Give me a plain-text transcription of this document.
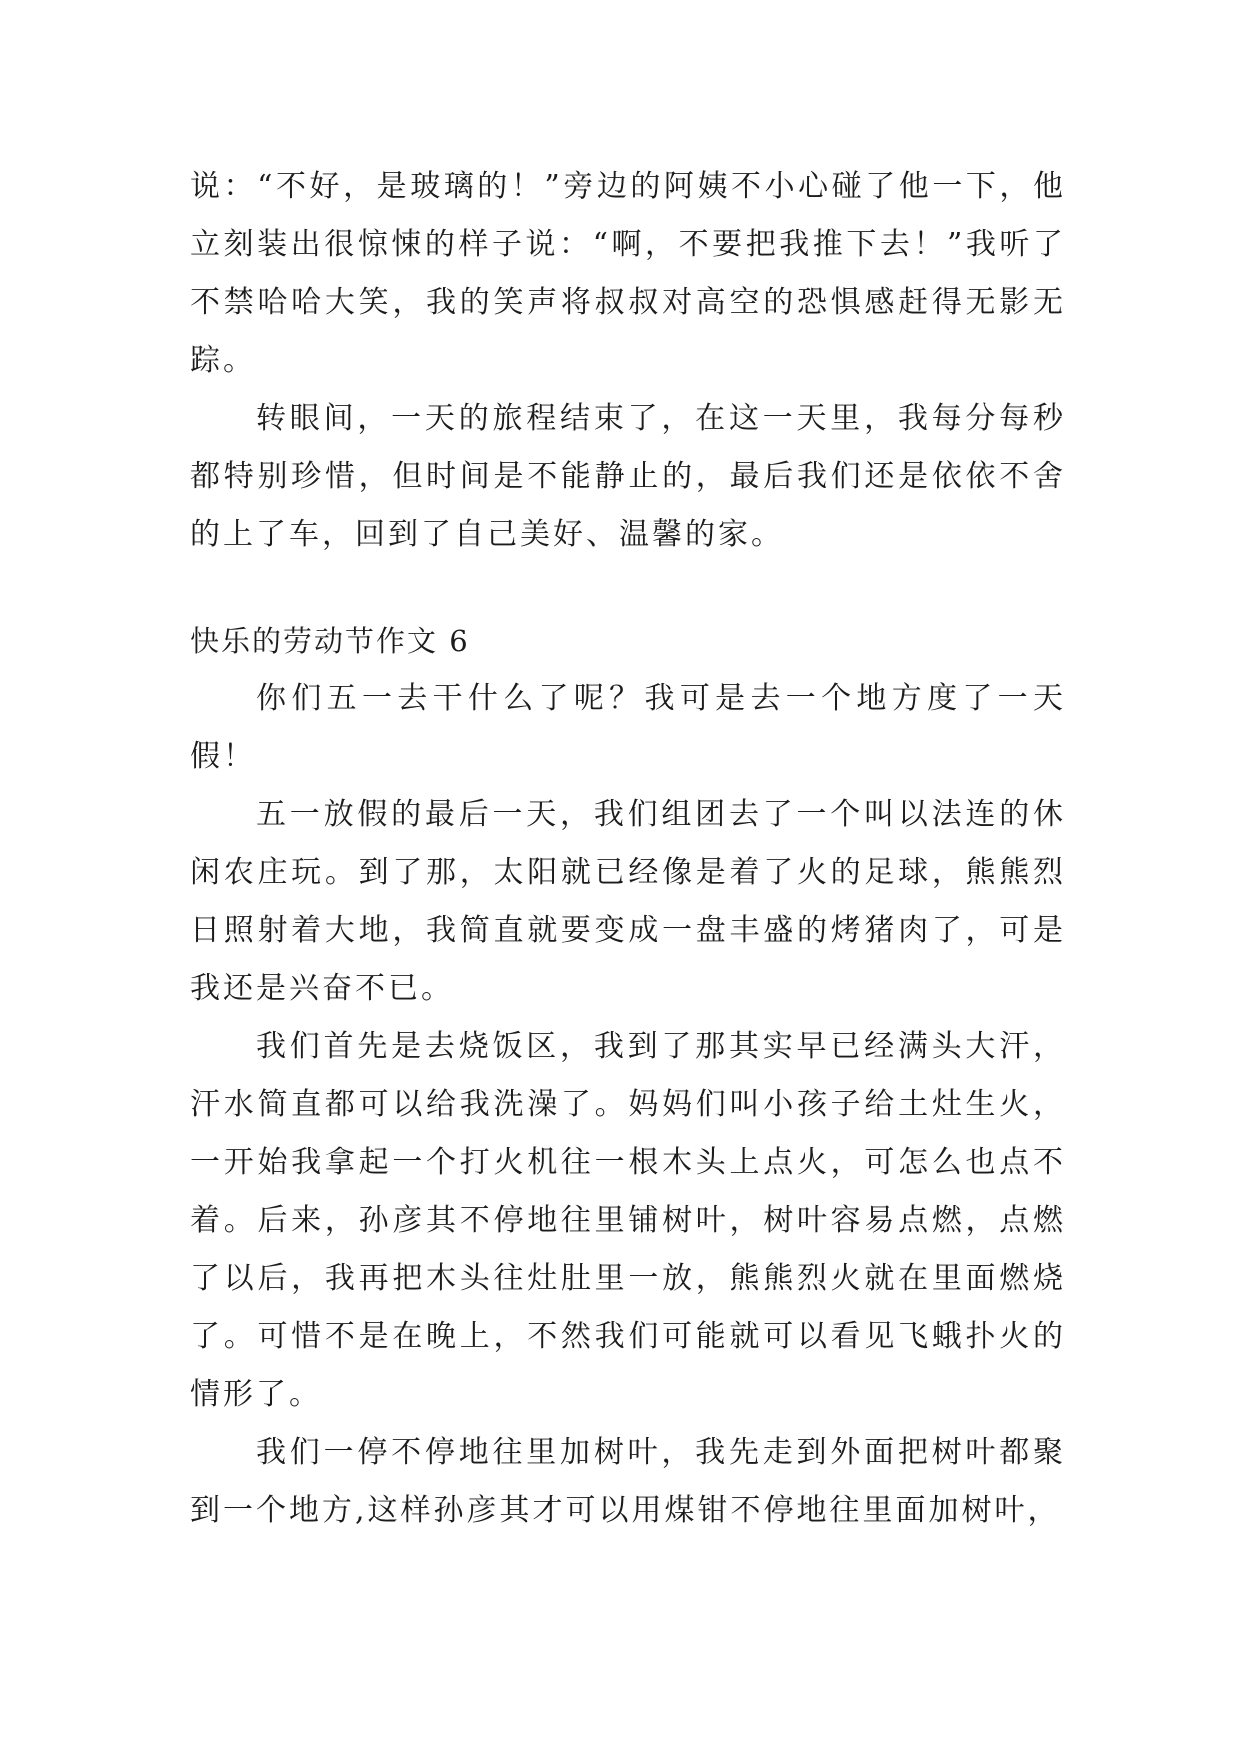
说：“不好，是玻璃的！”旁边的阿姨不小心碰了他一下，他立刻装出很惊悚的样子说：“啊，不要把我推下去！”我听了不禁哈哈大笑，我的笑声将叔叔对高空的恐惧感赶得无影无踪。

转眼间，一天的旅程结束了，在这一天里，我每分每秒都特别珍惜，但时间是不能静止的，最后我们还是依依不舍的上了车，回到了自己美好、温馨的家。

快乐的劳动节作文 6

你们五一去干什么了呢？我可是去一个地方度了一天假！

五一放假的最后一天，我们组团去了一个叫以法连的休闲农庄玩。到了那，太阳就已经像是着了火的足球，熊熊烈日照射着大地，我简直就要变成一盘丰盛的烤猪肉了，可是我还是兴奋不已。

我们首先是去烧饭区，我到了那其实早已经满头大汗，汗水简直都可以给我洗澡了。妈妈们叫小孩子给土灶生火，一开始我拿起一个打火机往一根木头上点火，可怎么也点不着。后来，孙彦其不停地往里铺树叶，树叶容易点燃，点燃了以后，我再把木头往灶肚里一放，熊熊烈火就在里面燃烧了。可惜不是在晚上，不然我们可能就可以看见飞蛾扑火的情形了。

我们一停不停地往里加树叶，我先走到外面把树叶都聚到一个地方,这样孙彦其才可以用煤钳不停地往里面加树叶，
